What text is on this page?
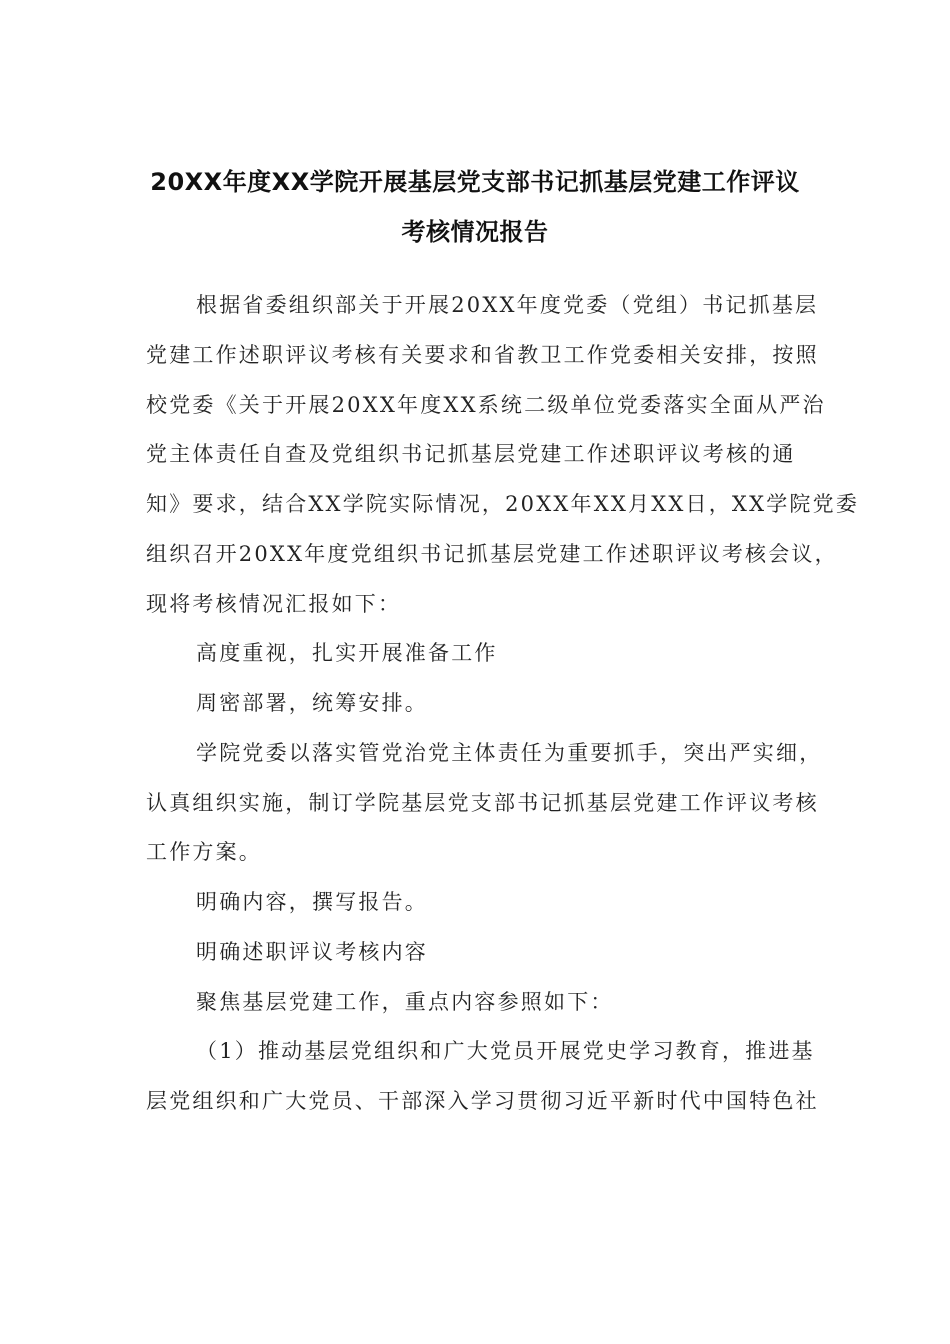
20XX年度XX学院开展基层党支部书记抓基层党建工作评议
考核情况报告
根据省委组织部关于开展20XX年度党委（党组）书记抓基层
党建工作述职评议考核有关要求和省教卫工作党委相关安排，按照
校党委《关于开展20XX年度XX系统二级单位党委落实全面从严治
党主体责任自查及党组织书记抓基层党建工作述职评议考核的通
知》要求，结合XX学院实际情况，20XX年XX月XX日，XX学院党委
组织召开20XX年度党组织书记抓基层党建工作述职评议考核会议，
现将考核情况汇报如下：
高度重视，扎实开展准备工作
周密部署，统筹安排。
学院党委以落实管党治党主体责任为重要抓手，突出严实细，
认真组织实施，制订学院基层党支部书记抓基层党建工作评议考核
工作方案。
明确内容，撰写报告。
明确述职评议考核内容
聚焦基层党建工作，重点内容参照如下：
（1）推动基层党组织和广大党员开展党史学习教育，推进基
层党组织和广大党员、干部深入学习贯彻习近平新时代中国特色社
